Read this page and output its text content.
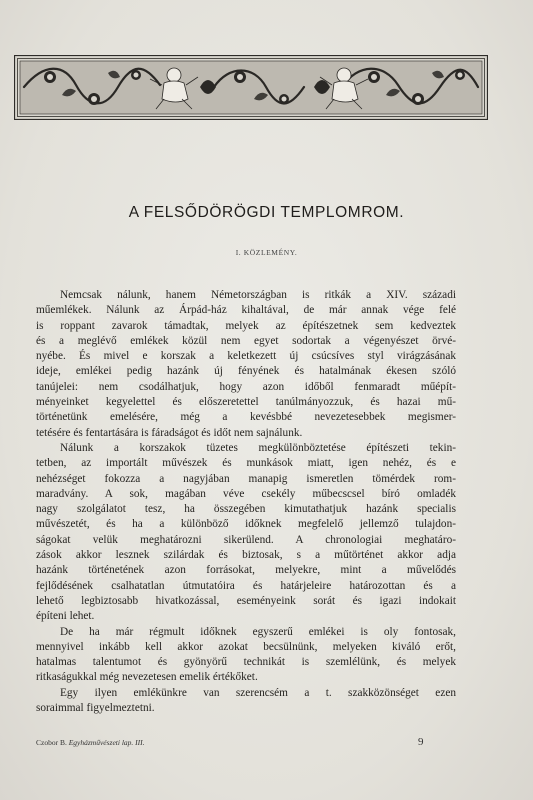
A FELSŐDÖRÖGDI TEMPLOMROM.
I. KÖZLEMÉNY.

Nemcsak nálunk, hanem Németországban is ritkák a XIV. századi
műemlékek. Nálunk az Árpád-ház kihaltával, de már annak vége felé
is roppant zavarok támadtak, melyek az építészetnek sem kedveztek
és a meglévő emlékek közül nem egyet sodortak a végenyészet örvé-
nyébe. És mivel e korszak a keletkezett új csúcsíves styl virágzásának
ideje, emlékei pedig hazánk új fényének és hatalmának ékesen szóló
tanújelei: nem csodálhatjuk, hogy azon időből fenmaradt műépít-
ményeinket kegyelettel és előszeretettel tanúlmányozzuk, és hazai mű-
történetünk emelésére, még a kevésbbé nevezetesebbek megismer-
tetésére és fentartására is fáradságot és időt nem sajnálunk.

Nálunk a korszakok tüzetes megkülönböztetése építészeti tekin-
tetben, az importált művészek és munkások miatt, igen nehéz, és e
nehézséget fokozza a nagyjában manapig ismeretlen tömérdek rom-
maradvány. A sok, magában véve csekély műbecscsel bíró omladék
nagy szolgálatot tesz, ha összegében kimutathatjuk hazánk specialis
művészetét, és ha a különböző időknek megfelelő jellemző tulajdon-
ságokat velük meghatározni sikerülend. A chronologiai meghatáro-
zások akkor lesznek szilárdak és biztosak, s a műtörténet akkor adja
hazánk történetének azon forrásokat, melyekre, mint a művelődés
fejlődésének csalhatatlan útmutatóira és határjeleire határozottan és a
lehető legbiztosabb hivatkozással, eseményeink sorát és igazi indokait
építeni lehet.

De ha már régmult időknek egyszerű emlékei is oly fontosak,
mennyivel inkább kell akkor azokat becsülnünk, melyeken kiváló erőt,
hatalmas talentumot és gyönyörű technikát is szemlélünk, és melyek
ritkaságukkal még nevezetesen emelik értékőket.

Egy ilyen emlékünkre van szerencsém a t. szakközönséget ezen
soraimmal figyelmeztetni.

Czobor B. Egyházművészeti lap. III.	9
